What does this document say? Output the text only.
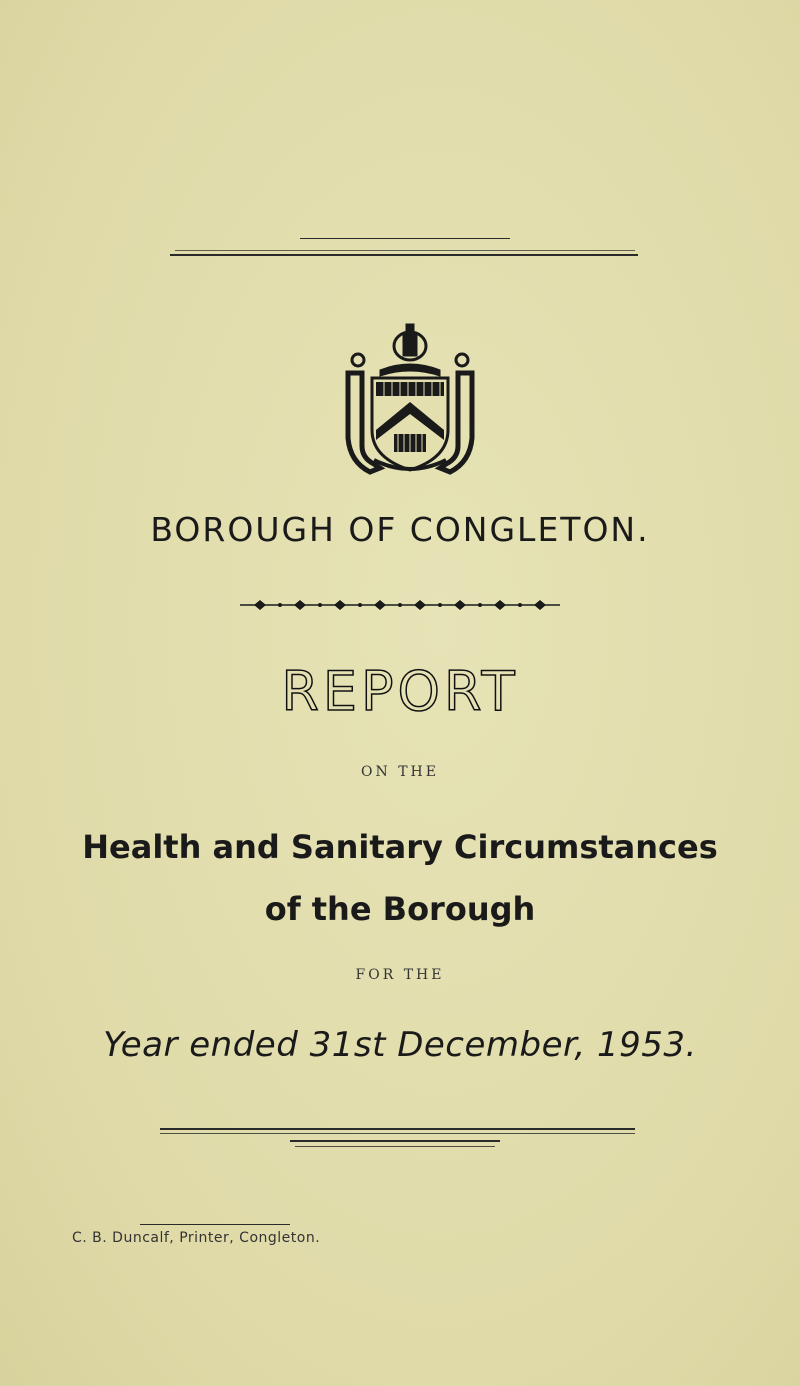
BOROUGH OF CONGLETON.
REPORT
ON THE
Health and Sanitary Circumstances
of the Borough
FOR THE
Year ended 31st December, 1953.
C. B. Duncalf, Printer, Congleton.
